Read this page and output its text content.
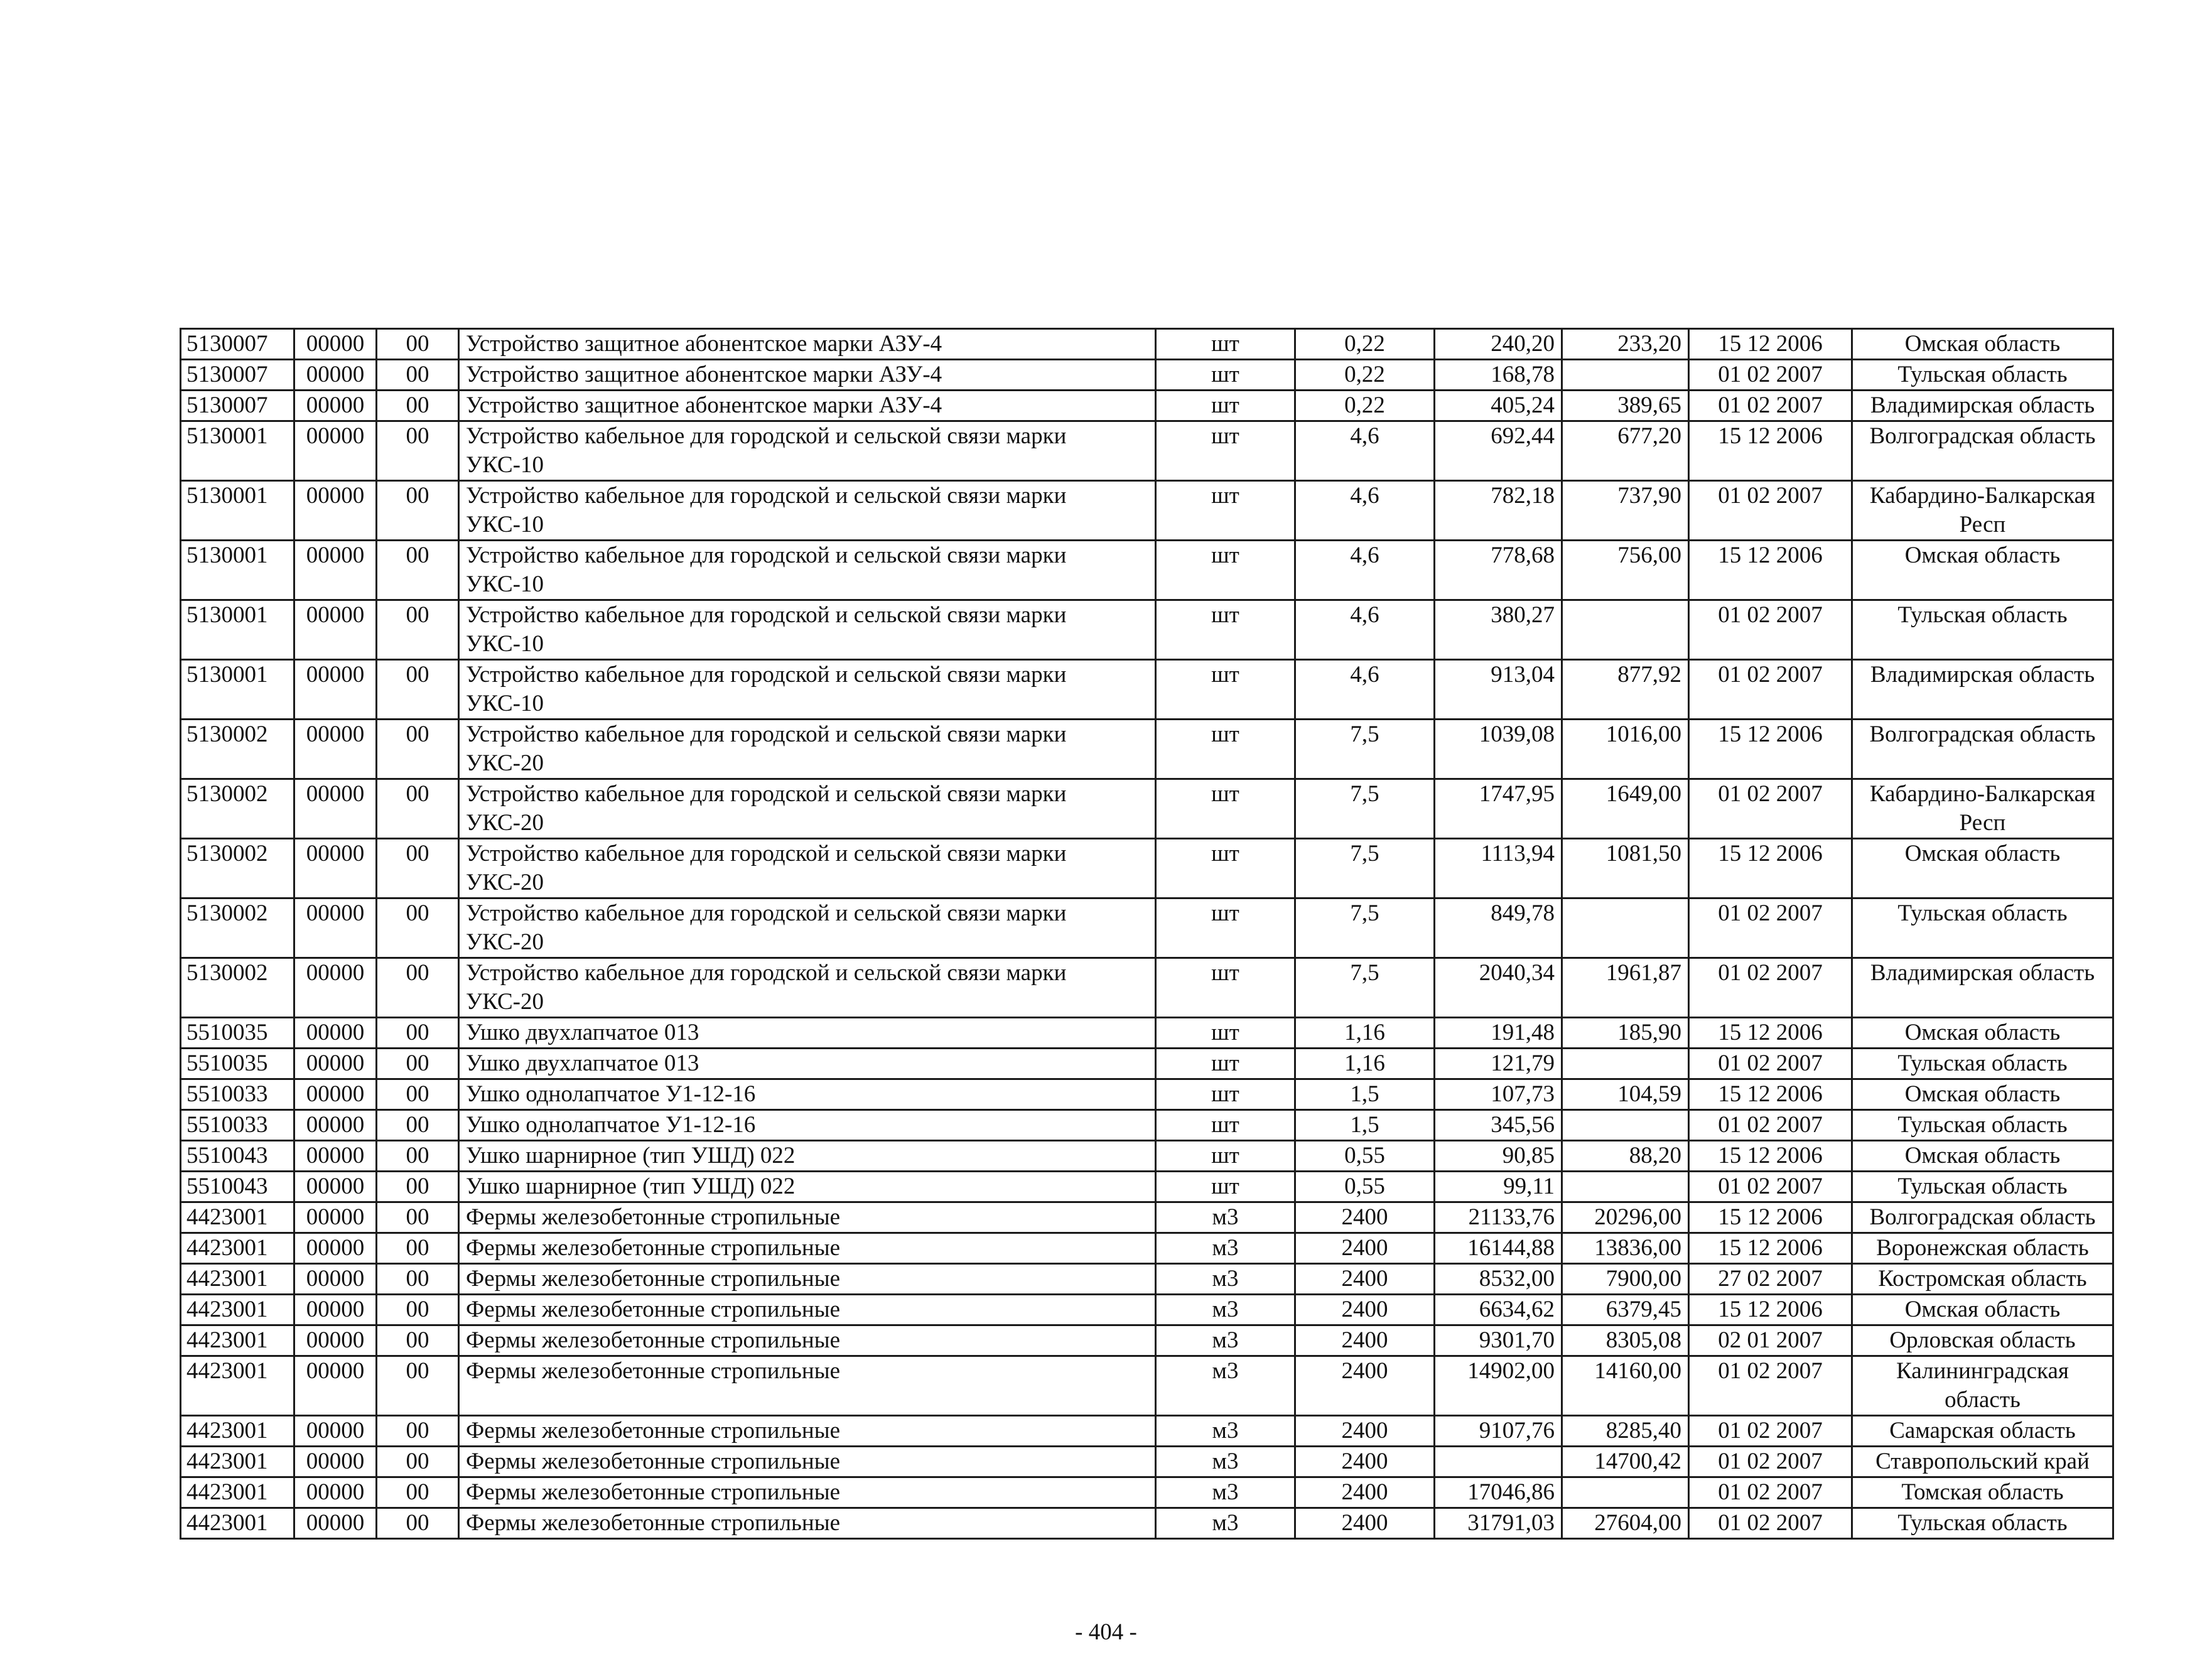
5130007	00000	00	Устройство защитное абонентское марки АЗУ-4	шт	0,22	240,20	233,20	15 12 2006	Омская область
5130007	00000	00	Устройство защитное абонентское марки АЗУ-4	шт	0,22	168,78		01 02 2007	Тульская область
5130007	00000	00	Устройство защитное абонентское марки АЗУ-4	шт	0,22	405,24	389,65	01 02 2007	Владимирская область
5130001	00000	00	Устройство кабельное для городской и сельской связи марки УКС-10	шт	4,6	692,44	677,20	15 12 2006	Волгоградская область
5130001	00000	00	Устройство кабельное для городской и сельской связи марки УКС-10	шт	4,6	782,18	737,90	01 02 2007	Кабардино-Балкарская Респ
5130001	00000	00	Устройство кабельное для городской и сельской связи марки УКС-10	шт	4,6	778,68	756,00	15 12 2006	Омская область
5130001	00000	00	Устройство кабельное для городской и сельской связи марки УКС-10	шт	4,6	380,27		01 02 2007	Тульская область
5130001	00000	00	Устройство кабельное для городской и сельской связи марки УКС-10	шт	4,6	913,04	877,92	01 02 2007	Владимирская область
5130002	00000	00	Устройство кабельное для городской и сельской связи марки УКС-20	шт	7,5	1039,08	1016,00	15 12 2006	Волгоградская область
5130002	00000	00	Устройство кабельное для городской и сельской связи марки УКС-20	шт	7,5	1747,95	1649,00	01 02 2007	Кабардино-Балкарская Респ
5130002	00000	00	Устройство кабельное для городской и сельской связи марки УКС-20	шт	7,5	1113,94	1081,50	15 12 2006	Омская область
5130002	00000	00	Устройство кабельное для городской и сельской связи марки УКС-20	шт	7,5	849,78		01 02 2007	Тульская область
5130002	00000	00	Устройство кабельное для городской и сельской связи марки УКС-20	шт	7,5	2040,34	1961,87	01 02 2007	Владимирская область
5510035	00000	00	Ушко двухлапчатое 013	шт	1,16	191,48	185,90	15 12 2006	Омская область
5510035	00000	00	Ушко двухлапчатое 013	шт	1,16	121,79		01 02 2007	Тульская область
5510033	00000	00	Ушко однолапчатое У1-12-16	шт	1,5	107,73	104,59	15 12 2006	Омская область
5510033	00000	00	Ушко однолапчатое У1-12-16	шт	1,5	345,56		01 02 2007	Тульская область
5510043	00000	00	Ушко шарнирное (тип УШД) 022	шт	0,55	90,85	88,20	15 12 2006	Омская область
5510043	00000	00	Ушко шарнирное (тип УШД) 022	шт	0,55	99,11		01 02 2007	Тульская область
4423001	00000	00	Фермы железобетонные стропильные	м3	2400	21133,76	20296,00	15 12 2006	Волгоградская область
4423001	00000	00	Фермы железобетонные стропильные	м3	2400	16144,88	13836,00	15 12 2006	Воронежская область
4423001	00000	00	Фермы железобетонные стропильные	м3	2400	8532,00	7900,00	27 02 2007	Костромская область
4423001	00000	00	Фермы железобетонные стропильные	м3	2400	6634,62	6379,45	15 12 2006	Омская область
4423001	00000	00	Фермы железобетонные стропильные	м3	2400	9301,70	8305,08	02 01 2007	Орловская область
4423001	00000	00	Фермы железобетонные стропильные	м3	2400	14902,00	14160,00	01 02 2007	Калининградская область
4423001	00000	00	Фермы железобетонные стропильные	м3	2400	9107,76	8285,40	01 02 2007	Самарская область
4423001	00000	00	Фермы железобетонные стропильные	м3	2400		14700,42	01 02 2007	Ставропольский край
4423001	00000	00	Фермы железобетонные стропильные	м3	2400	17046,86		01 02 2007	Томская область
4423001	00000	00	Фермы железобетонные стропильные	м3	2400	31791,03	27604,00	01 02 2007	Тульская область
- 404 -
